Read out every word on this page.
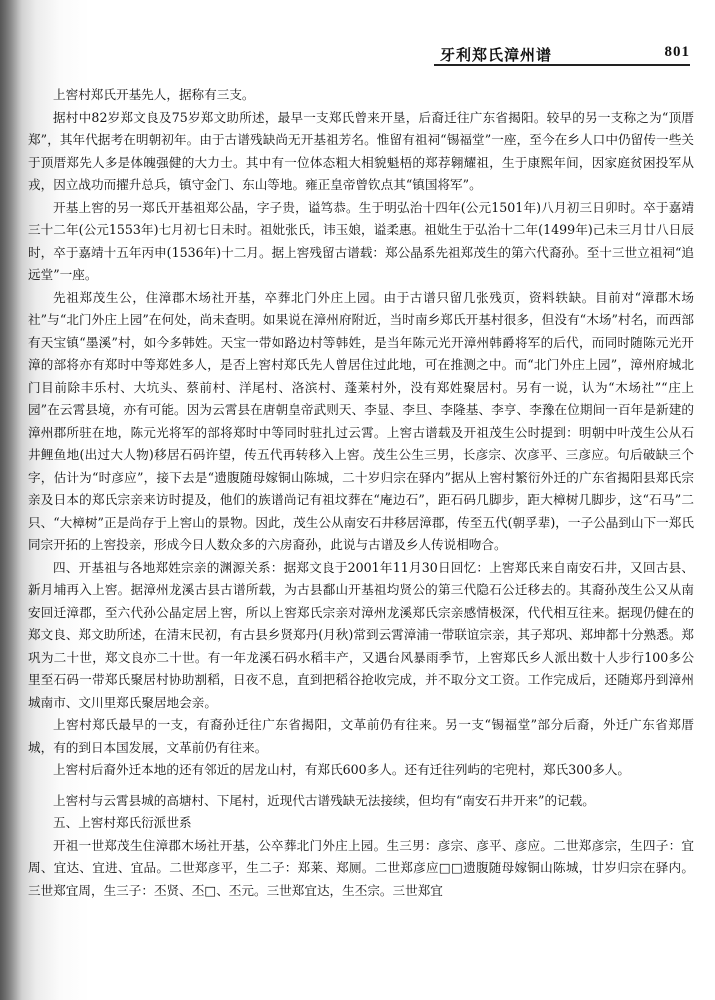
牙利郑氏漳州谱	801

上窖村郑氏开基先人，据称有三支。

据村中82岁郑文良及75岁郑文助所述，最早一支郑氏曾来开垦，后裔迁往广东省揭阳。较早的另一支称之为“顶厝郑”，其年代据考在明朝初年。由于古谱残缺尚无开基祖芳名。惟留有祖祠“锡福堂”一座，至今在乡人口中仍留传一些关于顶厝郑先人多是体魄强健的大力士。其中有一位体态粗大相貌魁梧的郑荐翱耀祖，生于康熙年间，因家庭贫困投军从戎，因立战功而擢升总兵，镇守金门、东山等地。雍正皇帝曾钦点其“镇国将军”。

开基上窖的另一郑氏开基祖郑公晶，字子贵，谥笃恭。生于明弘治十四年(公元1501年)八月初三日卯时。卒于嘉靖三十二年(公元1553年)七月初七日未时。祖妣张氏，讳玉娘，谥柔惠。祖妣生于弘治十二年(1499年)己未三月廿八日辰时，卒于嘉靖十五年丙申(1536年)十二月。据上窖残留古谱载：郑公晶系先祖郑茂生的第六代裔孙。至十三世立祖祠“追远堂”一座。

先祖郑茂生公，住漳郡木场社开基，卒葬北门外庄上园。由于古谱只留几张残页，资料轶缺。目前对“漳郡木场社”与“北门外庄上园”在何处，尚未查明。如果说在漳州府附近，当时南乡郑氏开基村很多，但没有“木场”村名，而西部有天宝镇“墨溪”村，如今多韩姓。天宝一带如路边村等韩姓，是当年陈元光开漳州韩爵将军的后代，而同时随陈元光开漳的部将亦有郑时中等郑姓多人，是否上窖村郑氏先人曾居住过此地，可在推测之中。而“北门外庄上园”，漳州府城北门目前除丰乐村、大坑头、蔡前村、洋尾村、洛滨村、蓬莱村外，没有郑姓聚居村。另有一说，认为“木场社”“庄上园”在云霄县境，亦有可能。因为云霄县在唐朝皇帝武则天、李显、李旦、李隆基、李亨、李豫在位期间一百年是新建的漳州郡所驻在地，陈元光将军的部将郑时中等同时驻扎过云霄。上窖古谱载及开祖茂生公时提到：明朝中叶茂生公从石井鲤鱼地(出过大人物)移居石码许望，传五代再转移入上窖。茂生公生三男，长彦宗、次彦平、三彦应。句后破缺三个字，估计为“时彦应”，接下去是“遗腹随母嫁铜山陈城，二十岁归宗在驿内”据从上窖村繁衍外迁的广东省揭阳县郑氏宗亲及日本的郑氏宗亲来访时提及，他们的族谱尚记有祖坟葬在“庵边石”，距石码几脚步，距大樟树几脚步，这“石马”二只、“大樟树”正是尚存于上窖山的景物。因此，茂生公从南安石井移居漳郡，传至五代(朝孚辈)，一子公晶到山下一郑氏同宗开拓的上窖投亲，形成今日人数众多的六房裔孙，此说与古谱及乡人传说相吻合。

四、开基祖与各地郑姓宗亲的渊源关系：据郑文良于2001年11月30日回忆：上窖郑氏来自南安石井，又回古县、新月埔再入上窖。据漳州龙溪古县古谱所载，为古县鄱山开基祖均贤公的第三代隐石公迁移去的。其裔孙茂生公又从南安回迁漳郡，至六代孙公晶定居上窖，所以上窖郑氏宗亲对漳州龙溪郑氏宗亲感情极深，代代相互往来。据现仍健在的郑文良、郑文助所述，在清末民初，有古县乡贤郑丹(月秋)常到云霄漳浦一带联谊宗亲，其子郑巩、郑坤都十分熟悉。郑巩为二十世，郑文良亦二十世。有一年龙溪石码水稻丰产，又遇台风暴雨季节，上窖郑氏乡人派出数十人步行100多公里至石码一带郑氏聚居村协助割稻，日夜不息，直到把稻谷抢收完成，并不取分文工资。工作完成后，还随郑丹到漳州城南市、文川里郑氏聚居地会亲。

上窖村郑氏最早的一支，有裔孙迁往广东省揭阳，文革前仍有往来。另一支“锡福堂”部分后裔，外迁广东省郑厝城，有的到日本国发展，文革前仍有往来。

上窖村后裔外迁本地的还有邻近的居龙山村，有郑氏600多人。还有迁往列屿的宅兜村，郑氏300多人。

上窖村与云霄县城的高塘村、下尾村，近现代古谱残缺无法接续，但均有“南安石井开来”的记载。

五、上窖村郑氏衍派世系

开祖一世郑茂生住漳郡木场社开基，公卒葬北门外庄上园。生三男：彦宗、彦平、彦应。二世郑彦宗，生四子：宜周、宜达、宜进、宜品。二世郑彦平，生二子：郑莱、郑厕。二世郑彦应□□遗腹随母嫁铜山陈城，廿岁归宗在驿内。三世郑宜周，生三子：丕贤、丕□、丕元。三世郑宜达，生丕宗。三世郑宜
